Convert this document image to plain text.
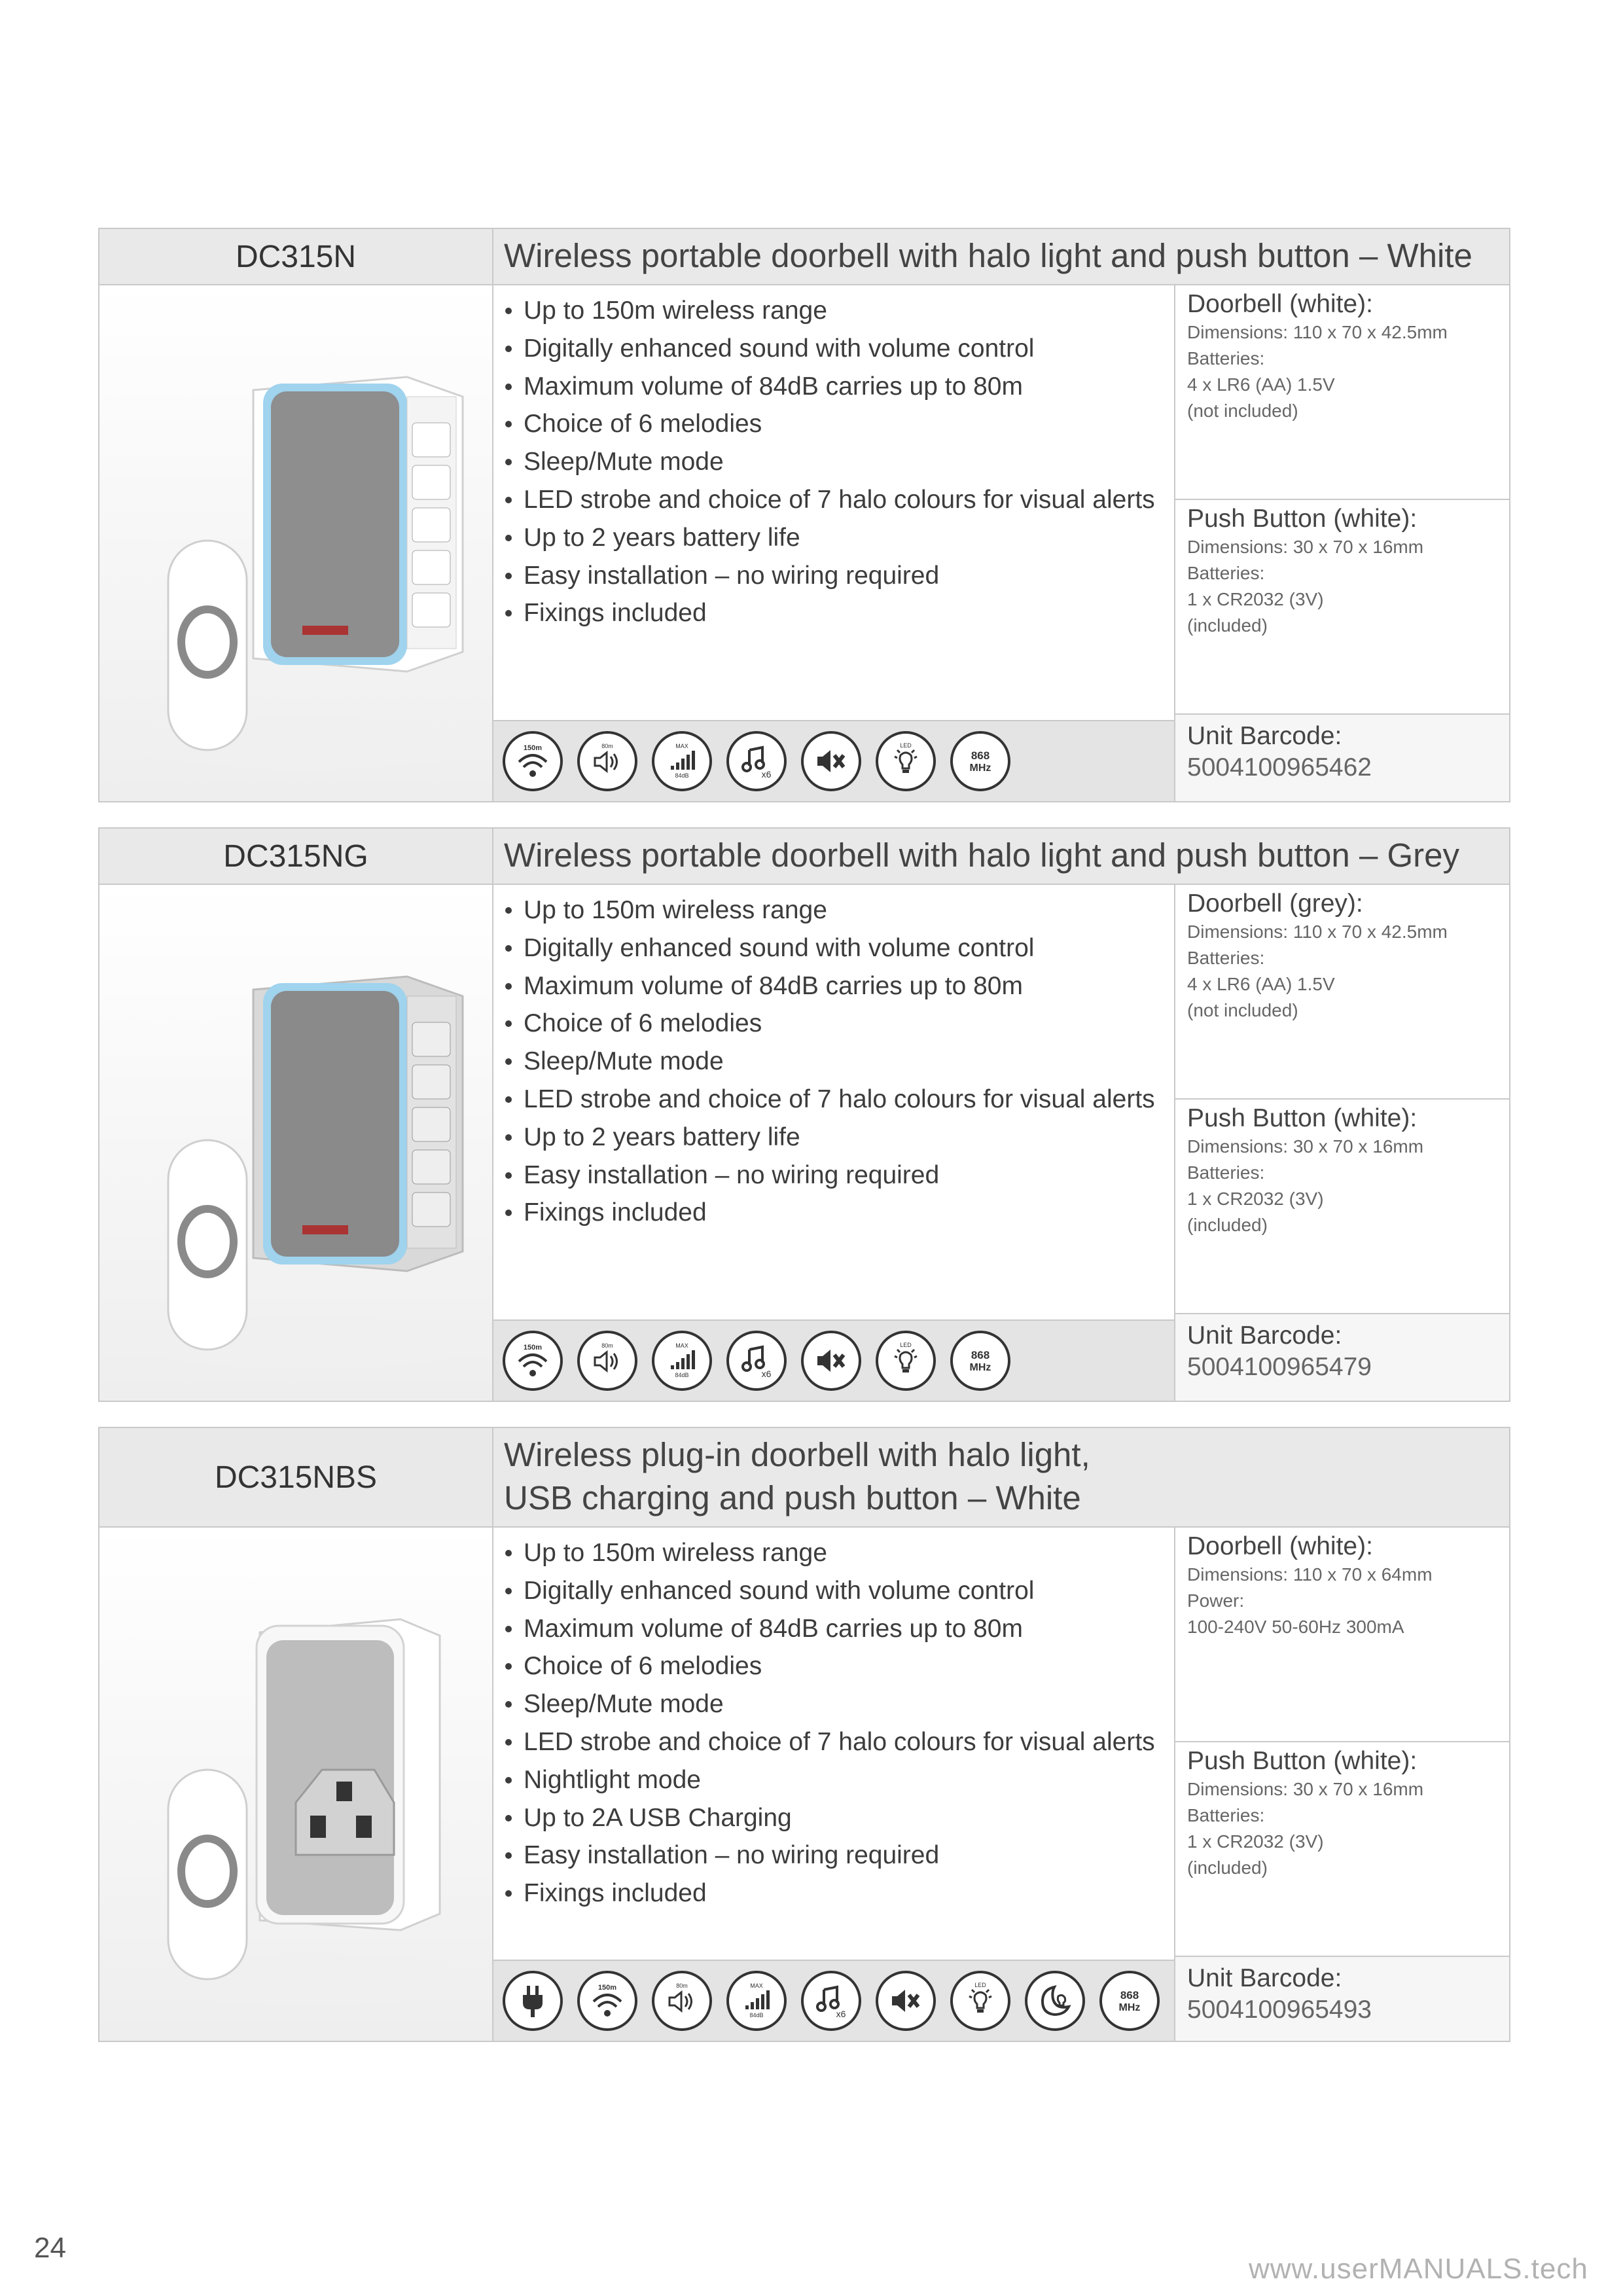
DC315N	Wireless portable doorbell with halo light and push button – White
Up to 150m wireless range
Digitally enhanced sound with volume control
Maximum volume of 84dB carries up to 80m
Choice of 6 melodies
Sleep/Mute mode
LED strobe and choice of 7 halo colours for visual alerts
Up to 2 years battery life
Easy installation – no wiring required
Fixings included
150m	80m	MAX
84dB	x6
LED
868
MHz
Doorbell (white):
Dimensions: 110 x 70 x 42.5mm
Batteries:
4 x LR6 (AA) 1.5V
(not included)
Push Button (white):
Dimensions: 30 x 70 x 16mm
Batteries:
1 x CR2032 (3V)
(included)
Unit Barcode:
5004100965462
DC315NG	Wireless portable doorbell with halo light and push button – Grey
Up to 150m wireless range
Digitally enhanced sound with volume control
Maximum volume of 84dB carries up to 80m
Choice of 6 melodies
Sleep/Mute mode
LED strobe and choice of 7 halo colours for visual alerts
Up to 2 years battery life
Easy installation – no wiring required
Fixings included
150m	80m	MAX
84dB	x6
LED
868
MHz
Doorbell (grey):
Dimensions: 110 x 70 x 42.5mm
Batteries:
4 x LR6 (AA) 1.5V
(not included)
Push Button (white):
Dimensions: 30 x 70 x 16mm
Batteries:
1 x CR2032 (3V)
(included)
Unit Barcode:
5004100965479
DC315NBS
Wireless plug-in doorbell with halo light,
USB charging and push button – White
Up to 150m wireless range
Digitally enhanced sound with volume control
Maximum volume of 84dB carries up to 80m
Choice of 6 melodies
Sleep/Mute mode
LED strobe and choice of 7 halo colours for visual alerts
Nightlight mode
Up to 2A USB Charging
Easy installation – no wiring required
Fixings included
150m	80m	MAX
84dB	x6
LED
868
MHz
Doorbell (white):
Dimensions: 110 x 70 x 64mm
Power:
100-240V 50-60Hz 300mA
Push Button (white):
Dimensions: 30 x 70 x 16mm
Batteries:
1 x CR2032 (3V)
(included)
Unit Barcode:
5004100965493
24
www.userMANUALS.tech
